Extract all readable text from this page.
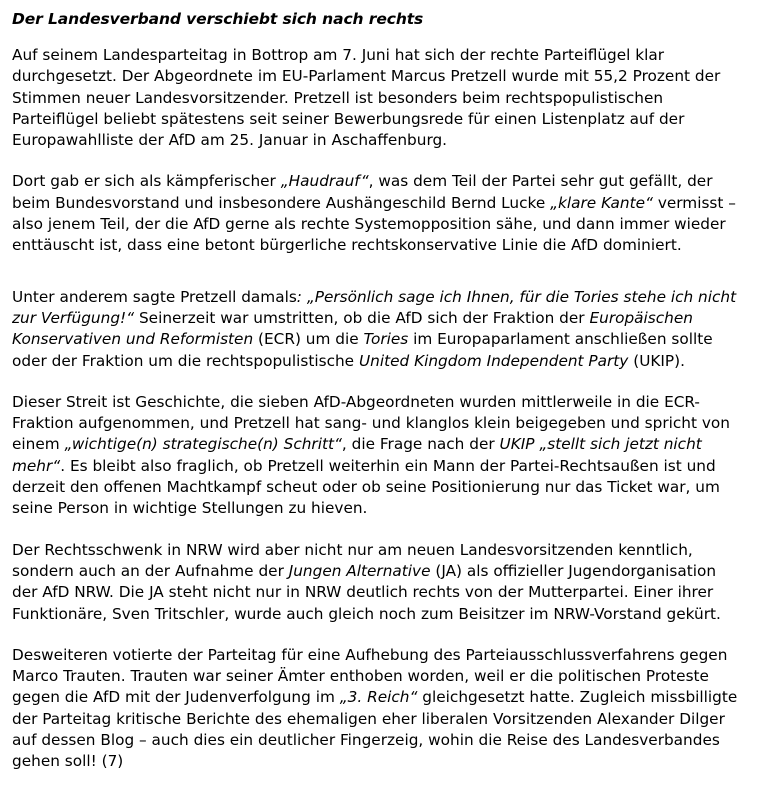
Der Landesverband verschiebt sich nach rechts

Auf seinem Landesparteitag in Bottrop am 7. Juni hat sich der rechte Parteiflügel klar durchgesetzt. Der Abgeordnete im EU-Parlament Marcus Pretzell wurde mit 55,2 Prozent der Stimmen neuer Landesvorsitzender. Pretzell ist besonders beim rechtspopulistischen Parteiflügel beliebt spätestens seit seiner Bewerbungsrede für einen Listenplatz auf der Europawahlliste der AfD am 25. Januar in Aschaffenburg.

Dort gab er sich als kämpferischer „Haudrauf“, was dem Teil der Partei sehr gut gefällt, der beim Bundesvorstand und insbesondere Aushängeschild Bernd Lucke „klare Kante“ vermisst – also jenem Teil, der die AfD gerne als rechte Systemopposition sähe, und dann immer wieder enttäuscht ist, dass eine betont bürgerliche rechtskonservative Linie die AfD dominiert.

Unter anderem sagte Pretzell damals: „Persönlich sage ich Ihnen, für die Tories stehe ich nicht zur Verfügung!“ Seinerzeit war umstritten, ob die AfD sich der Fraktion der Europäischen Konservativen und Reformisten (ECR) um die Tories im Europaparlament anschließen sollte oder der Fraktion um die rechtspopulistische United Kingdom Independent Party (UKIP).

Dieser Streit ist Geschichte, die sieben AfD-Abgeordneten wurden mittlerweile in die ECR-Fraktion aufgenommen, und Pretzell hat sang- und klanglos klein beigegeben und spricht von einem „wichtige(n) strategische(n) Schritt“, die Frage nach der UKIP „stellt sich jetzt nicht mehr“. Es bleibt also fraglich, ob Pretzell weiterhin ein Mann der Partei-Rechtsaußen ist und derzeit den offenen Machtkampf scheut oder ob seine Positionierung nur das Ticket war, um seine Person in wichtige Stellungen zu hieven.

Der Rechtsschwenk in NRW wird aber nicht nur am neuen Landesvorsitzenden kenntlich, sondern auch an der Aufnahme der Jungen Alternative (JA) als offizieller Jugendorganisation der AfD NRW. Die JA steht nicht nur in NRW deutlich rechts von der Mutterpartei. Einer ihrer Funktionäre, Sven Tritschler, wurde auch gleich noch zum Beisitzer im NRW-Vorstand gekürt.

Desweiteren votierte der Parteitag für eine Aufhebung des Parteiausschlussverfahrens gegen Marco Trauten. Trauten war seiner Ämter enthoben worden, weil er die politischen Proteste gegen die AfD mit der Judenverfolgung im „3. Reich“ gleichgesetzt hatte. Zugleich missbilligte der Parteitag kritische Berichte des ehemaligen eher liberalen Vorsitzenden Alexander Dilger auf dessen Blog – auch dies ein deutlicher Fingerzeig, wohin die Reise des Landesverbandes gehen soll! (7)
